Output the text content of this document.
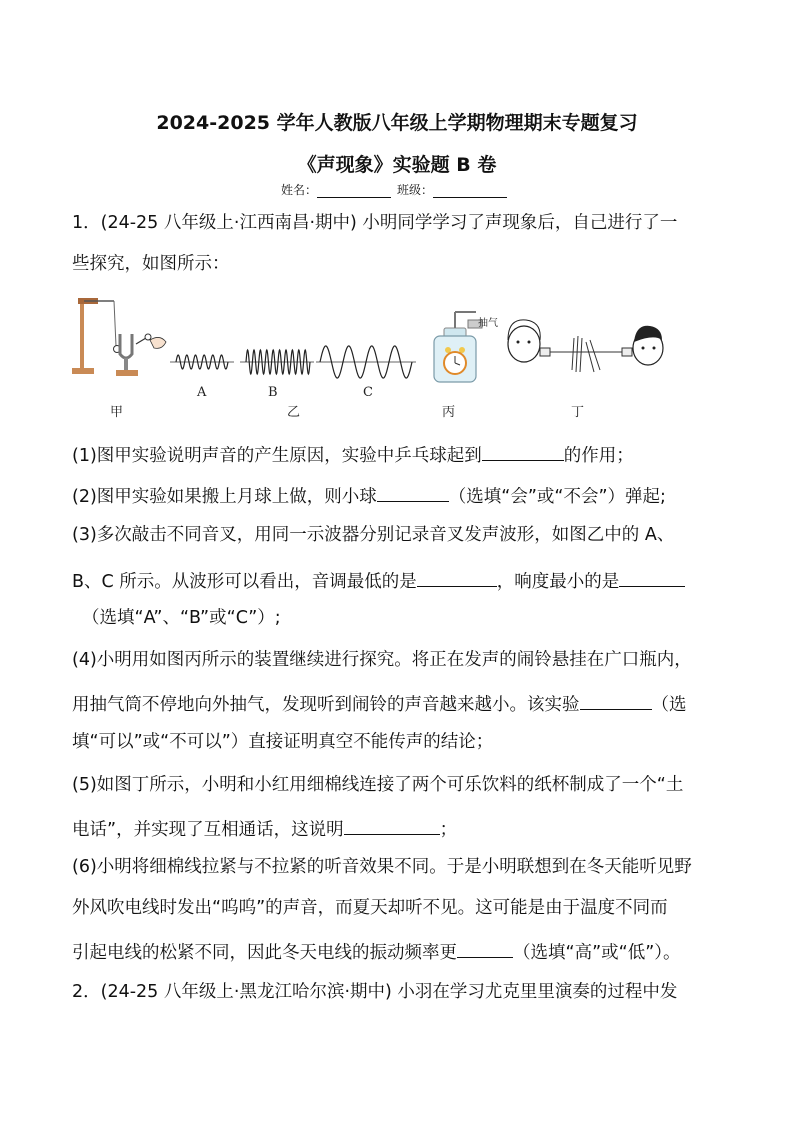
2024-2025 学年人教版八年级上学期物理期末专题复习
《声现象》实验题 B 卷
姓名：	班级：
1．(24-25 八年级上·江西南昌·期中) 小明同学学习了声现象后，自己进行了一
些探究，如图所示：
A	B	C
抽气
甲	乙	丙	丁
(1)图甲实验说明声音的产生原因，实验中乒乓球起到	的作用；
(2)图甲实验如果搬上月球上做，则小球	（选填“会”或“不会”）弹起;
(3)多次敲击不同音叉，用同一示波器分别记录音叉发声波形，如图乙中的 A、
B、C 所示。从波形可以看出，音调最低的是	，响度最小的是
（选填“A”、“B”或“C”）;
(4)小明用如图丙所示的装置继续进行探究。将正在发声的闹铃悬挂在广口瓶内，
用抽气筒不停地向外抽气，发现听到闹铃的声音越来越小。该实验	（选
填“可以”或“不可以”）直接证明真空不能传声的结论；
(5)如图丁所示，小明和小红用细棉线连接了两个可乐饮料的纸杯制成了一个“土
电话”，并实现了互相通话，这说明	；
(6)小明将细棉线拉紧与不拉紧的听音效果不同。于是小明联想到在冬天能听见野
外风吹电线时发出“呜呜”的声音，而夏天却听不见。这可能是由于温度不同而
引起电线的松紧不同，因此冬天电线的振动频率更	（选填“高”或“低”）。
2．(24-25 八年级上·黑龙江哈尔滨·期中) 小羽在学习尤克里里演奏的过程中发
